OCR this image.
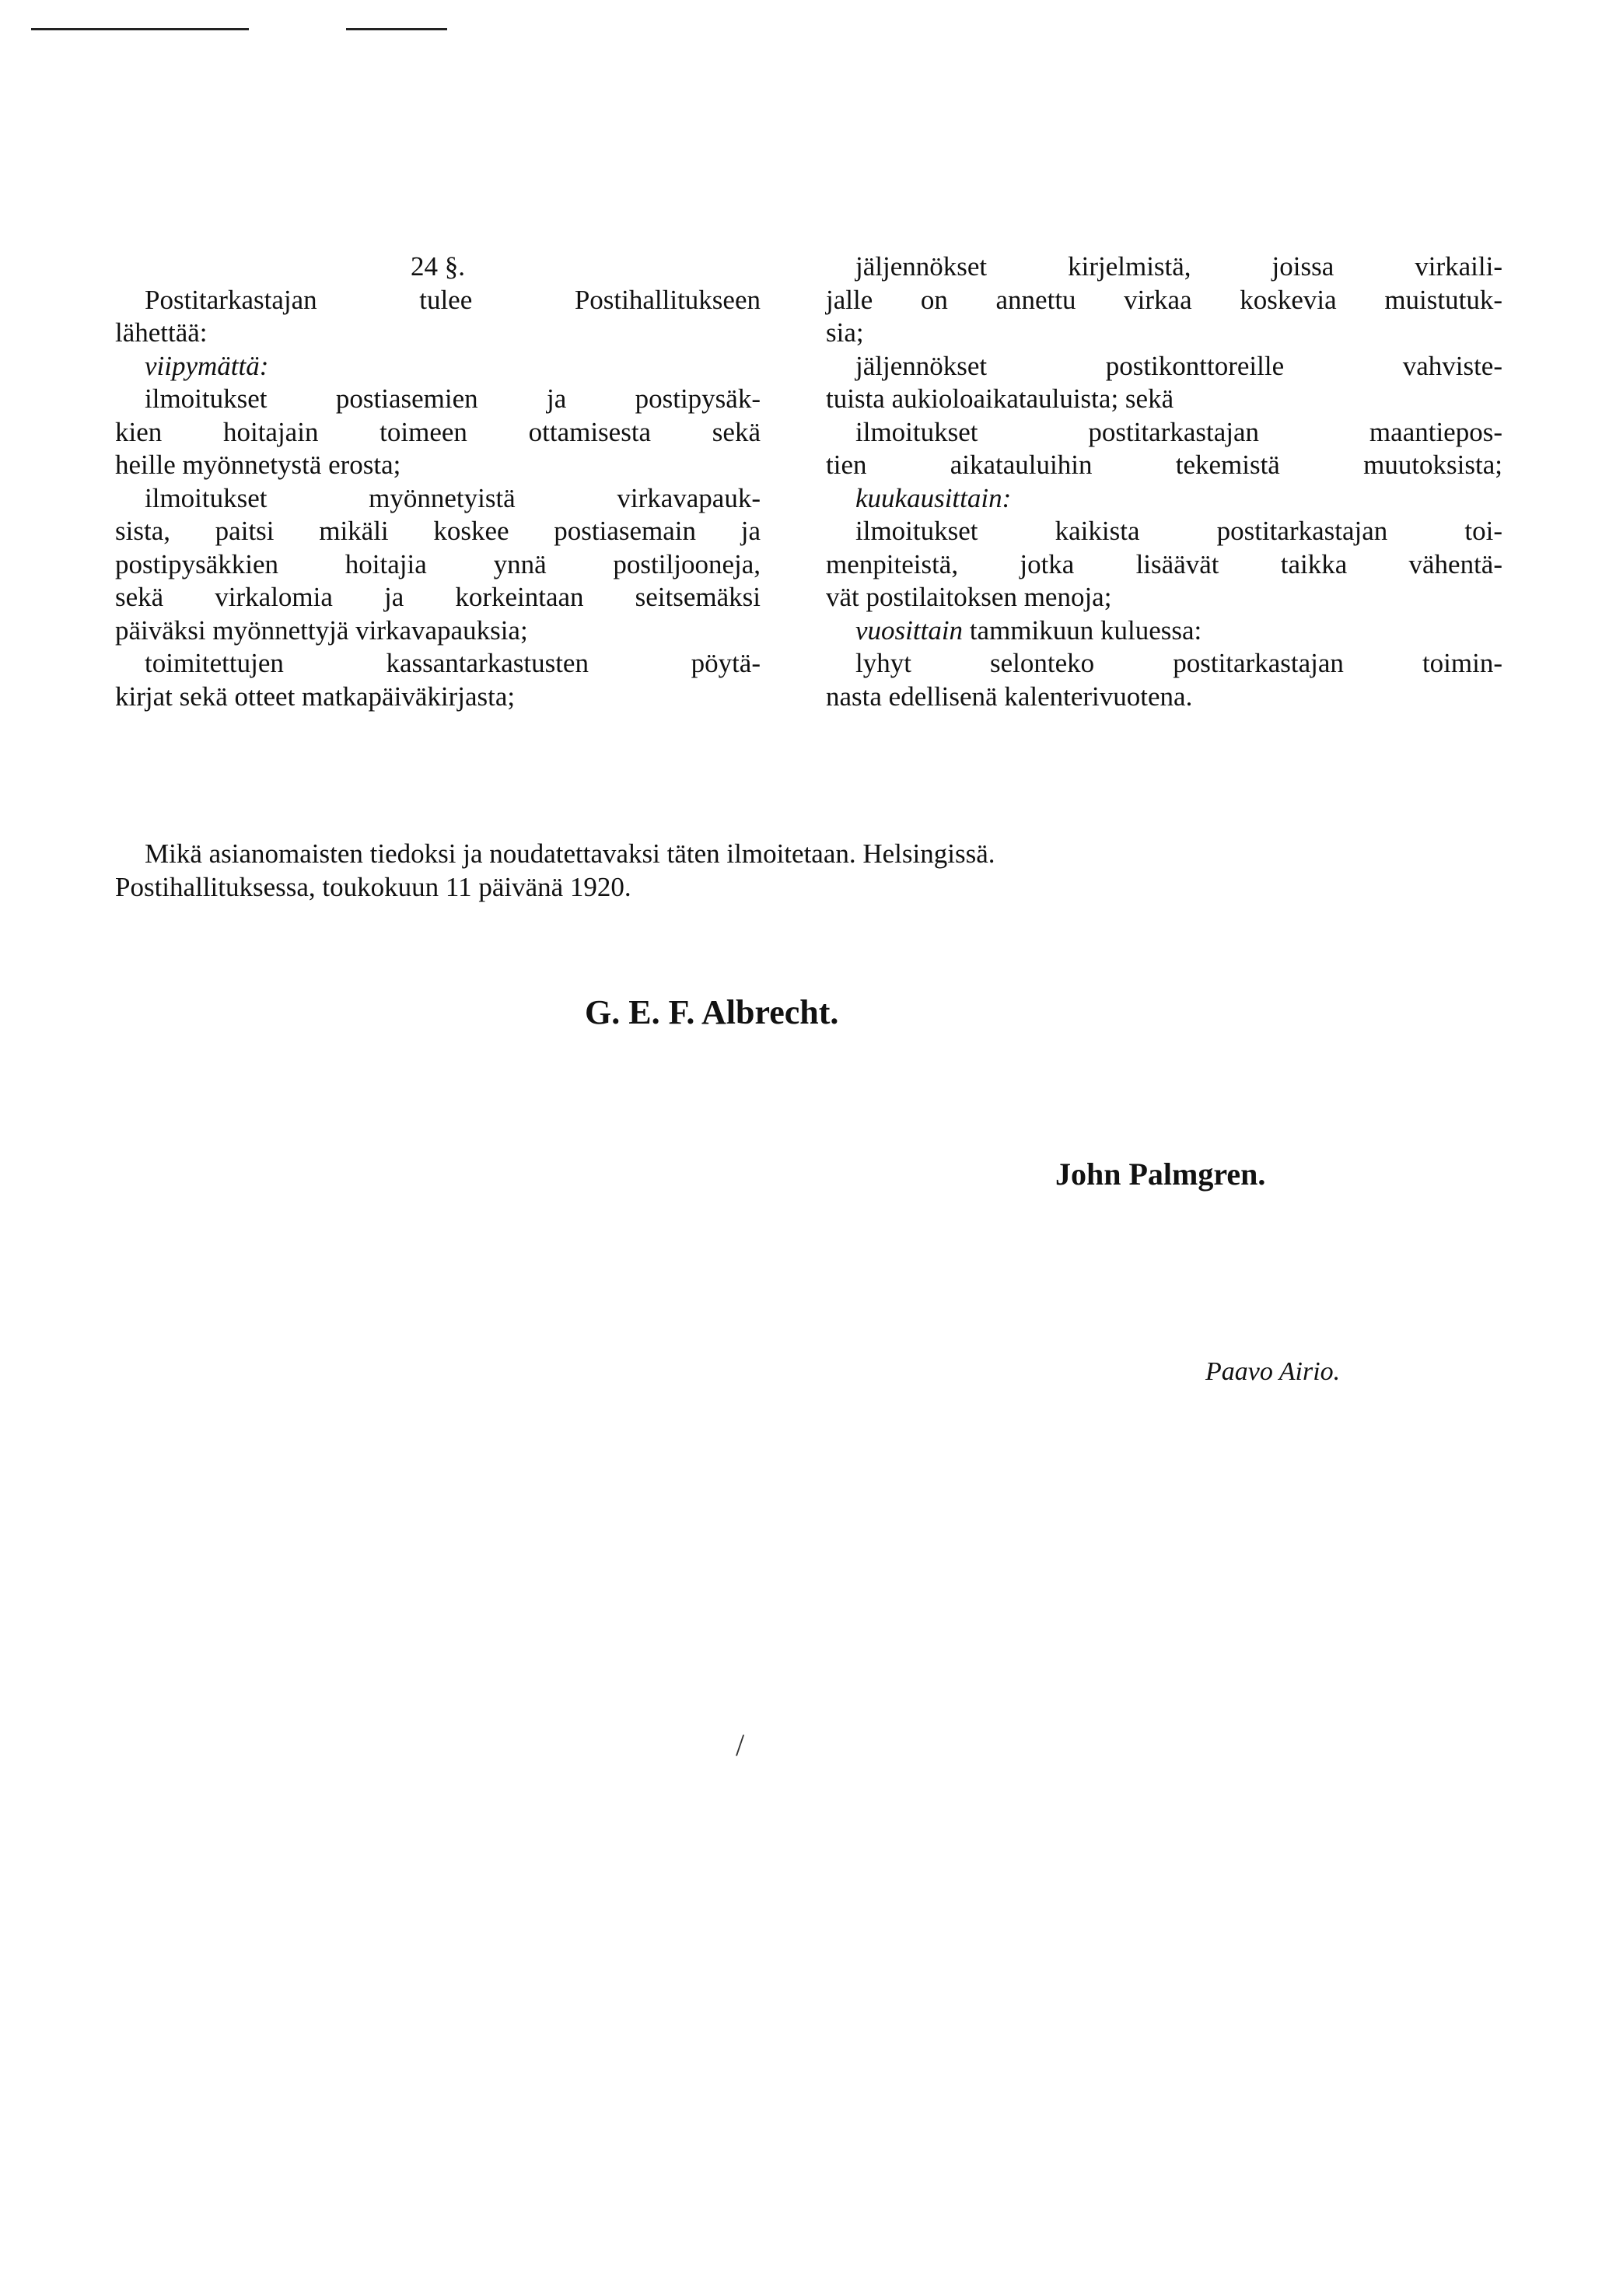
24 §.
Postitarkastajan tulee Postihallitukseen
lähettää:
viipymättä:
ilmoitukset postiasemien ja postipysäk-
kien hoitajain toimeen ottamisesta sekä
heille myönnetystä erosta;
ilmoitukset myönnetyistä virkavapauk-
sista, paitsi mikäli koskee postiasemain ja
postipysäkkien hoitajia ynnä postiljooneja,
sekä virkalomia ja korkeintaan seitsemäksi
päiväksi myönnettyjä virkavapauksia;
toimitettujen kassantarkastusten pöytä-
kirjat sekä otteet matkapäiväkirjasta;
jäljennökset kirjelmistä, joissa virkaili-
jalle on annettu virkaa koskevia muistutuk-
sia;
jäljennökset postikonttoreille vahviste-
tuista aukioloaikatauluista; sekä
ilmoitukset postitarkastajan maantiepos-
tien aikatauluihin tekemistä muutoksista;
kuukausittain:
ilmoitukset kaikista postitarkastajan toi-
menpiteistä, jotka lisäävät taikka vähentä-
vät postilaitoksen menoja;
vuosittain tammikuun kuluessa:
lyhyt selonteko postitarkastajan toimin-
nasta edellisenä kalenterivuotena.
Mikä asianomaisten tiedoksi ja noudatettavaksi täten ilmoitetaan. Helsingissä.
Postihallituksessa, toukokuun 11 päivänä 1920.
G. E. F. Albrecht.
John Palmgren.
Paavo Airio.
/
